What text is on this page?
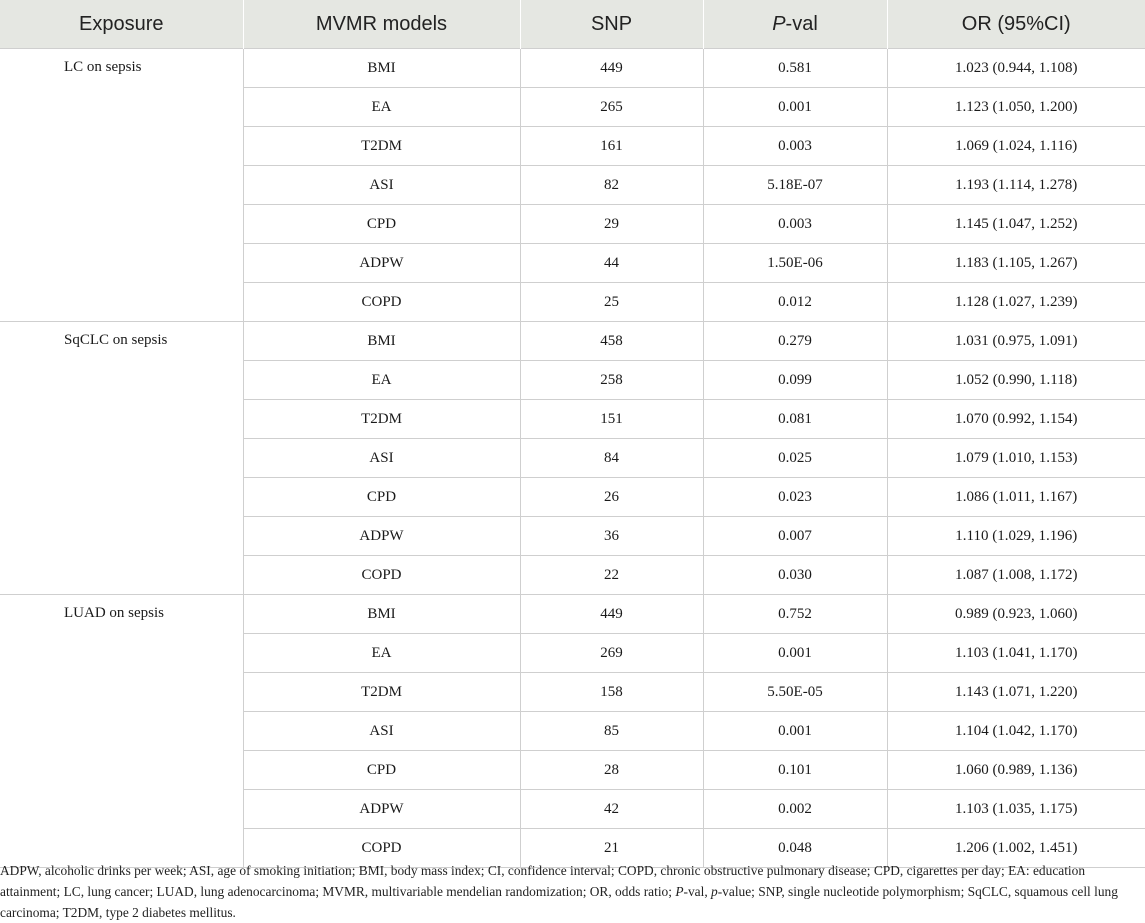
Exposure	MVMR models	SNP	P-val	OR (95%CI)
LC on sepsis	BMI	449	0.581	1.023 (0.944, 1.108)
	EA	265	0.001	1.123 (1.050, 1.200)
	T2DM	161	0.003	1.069 (1.024, 1.116)
	ASI	82	5.18E-07	1.193 (1.114, 1.278)
	CPD	29	0.003	1.145 (1.047, 1.252)
	ADPW	44	1.50E-06	1.183 (1.105, 1.267)
	COPD	25	0.012	1.128 (1.027, 1.239)
SqCLC on sepsis	BMI	458	0.279	1.031 (0.975, 1.091)
	EA	258	0.099	1.052 (0.990, 1.118)
	T2DM	151	0.081	1.070 (0.992, 1.154)
	ASI	84	0.025	1.079 (1.010, 1.153)
	CPD	26	0.023	1.086 (1.011, 1.167)
	ADPW	36	0.007	1.110 (1.029, 1.196)
	COPD	22	0.030	1.087 (1.008, 1.172)
LUAD on sepsis	BMI	449	0.752	0.989 (0.923, 1.060)
	EA	269	0.001	1.103 (1.041, 1.170)
	T2DM	158	5.50E-05	1.143 (1.071, 1.220)
	ASI	85	0.001	1.104 (1.042, 1.170)
	CPD	28	0.101	1.060 (0.989, 1.136)
	ADPW	42	0.002	1.103 (1.035, 1.175)
	COPD	21	0.048	1.206 (1.002, 1.451)

ADPW, alcoholic drinks per week; ASI, age of smoking initiation; BMI, body mass index; CI, confidence interval; COPD, chronic obstructive pulmonary disease; CPD, cigarettes per day; EA: education attainment; LC, lung cancer; LUAD, lung adenocarcinoma; MVMR, multivariable mendelian randomization; OR, odds ratio; P-val, p-value; SNP, single nucleotide polymorphism; SqCLC, squamous cell lung carcinoma; T2DM, type 2 diabetes mellitus.
